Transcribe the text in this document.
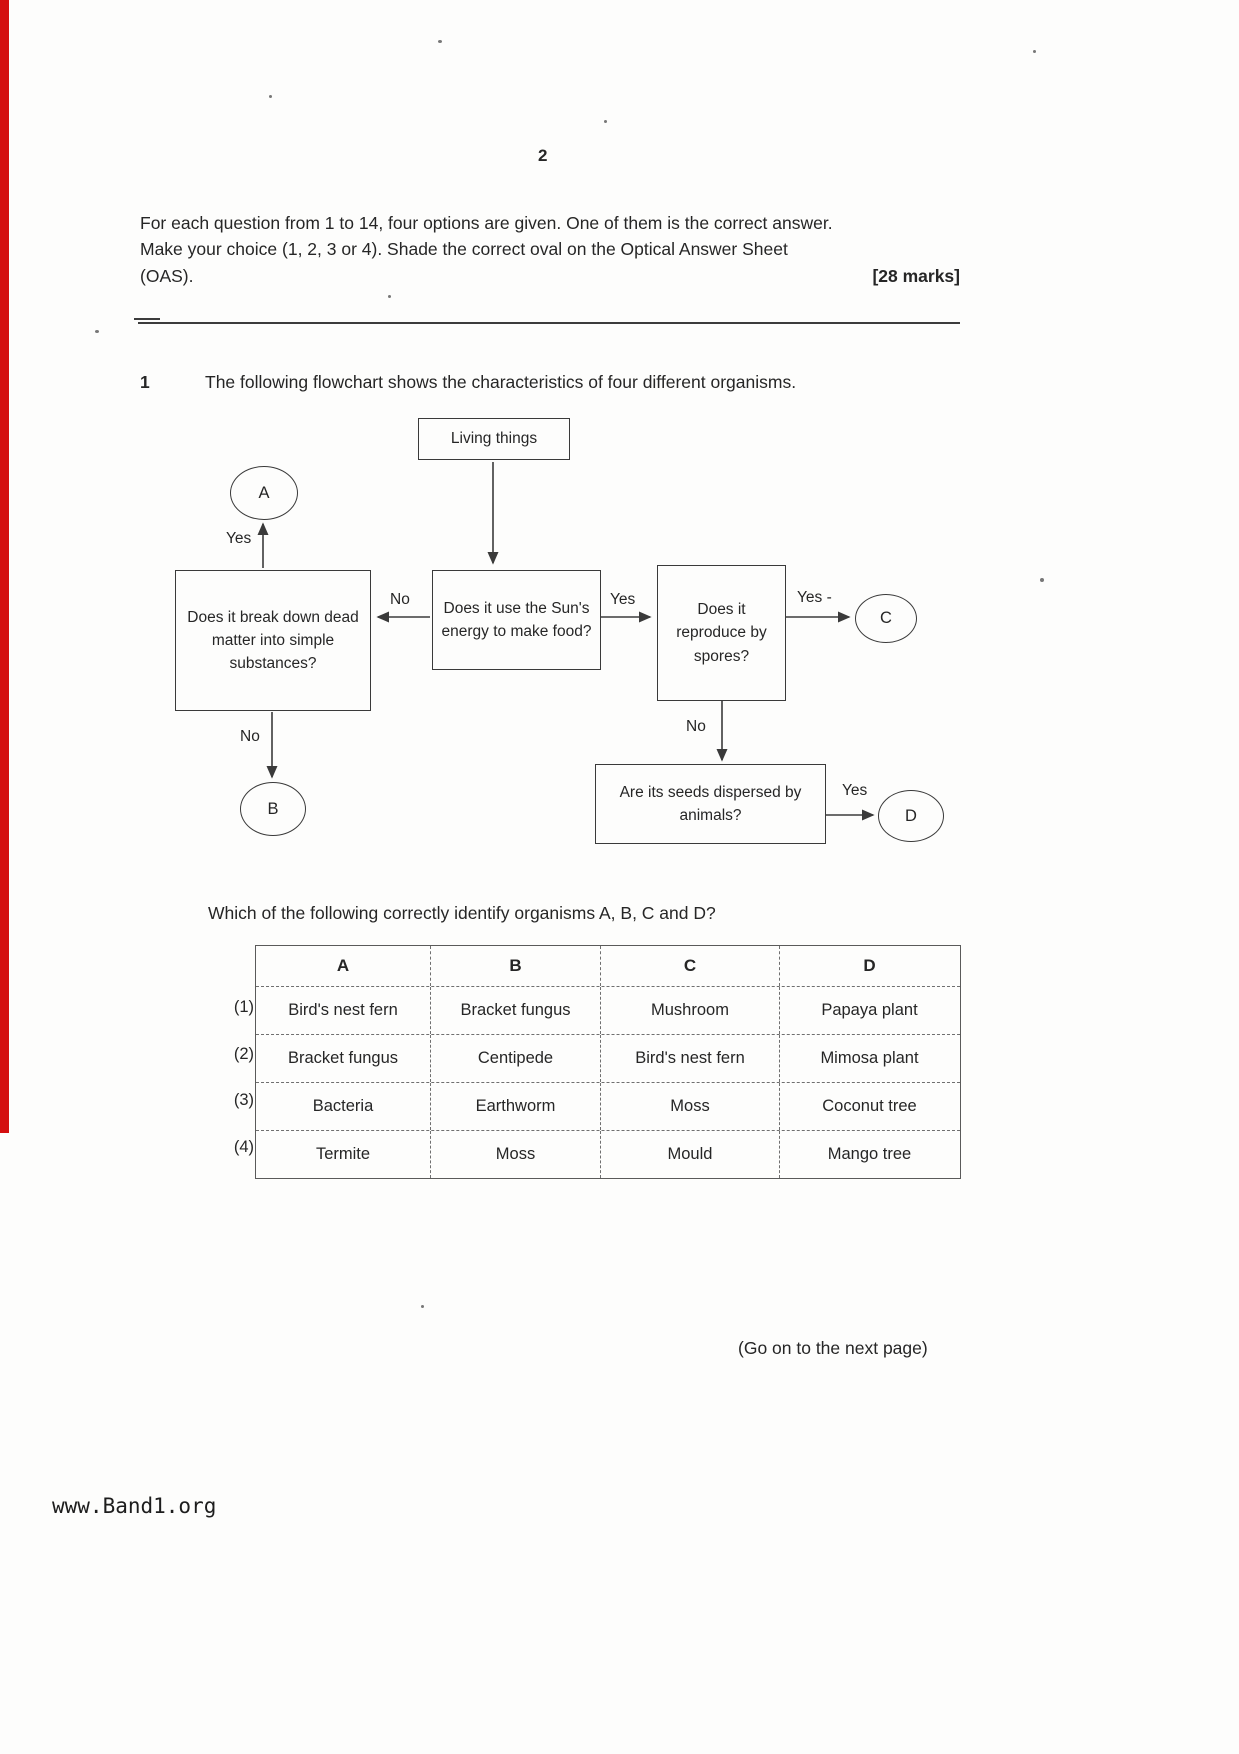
2
For each question from 1 to 14, four options are given. One of them is the correct answer.
Make your choice (1, 2, 3 or 4). Shade the correct oval on the Optical Answer Sheet
(OAS).	[28 marks]
1	The following flowchart shows the characteristics of four different organisms.
Living things
A
Does it break down dead matter into simple substances?
Does it use the Sun's energy to make food?
Does it reproduce by spores?
B
C
Are its seeds dispersed by animals?	D
Yes
No	Yes	Yes -
No
No
Yes
Which of the following correctly identify organisms A, B, C and D?
(1)
(2)
(3)
(4)
A	B	C	D
Bird's nest fern	Bracket fungus	Mushroom	Papaya plant
Bracket fungus	Centipede	Bird's nest fern	Mimosa plant
Bacteria	Earthworm	Moss	Coconut tree
Termite	Moss	Mould	Mango tree
(Go on to the next page)
www.Band1.org
